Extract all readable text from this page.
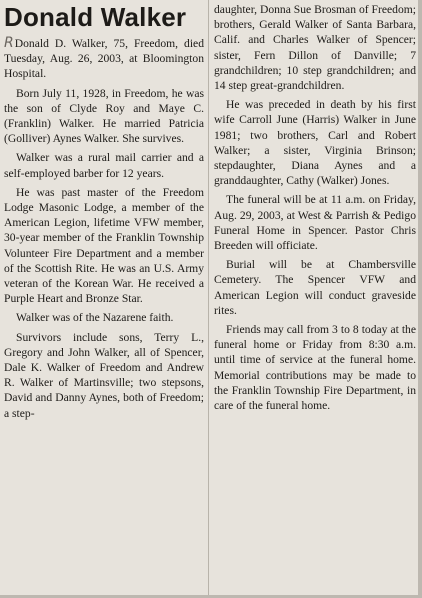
Donald Walker

RDonald D. Walker, 75, Freedom, died Tuesday, Aug. 26, 2003, at Bloomington Hospital.

Born July 11, 1928, in Freedom, he was the son of Clyde Roy and Maye C. (Franklin) Walker. He married Patricia (Golliver) Aynes Walker. She survives.

Walker was a rural mail carrier and a self-employed barber for 12 years.

He was past master of the Freedom Lodge Masonic Lodge, a member of the American Legion, lifetime VFW member, 30-year member of the Franklin Township Volunteer Fire Department and a member of the Scottish Rite. He was an U.S. Army veteran of the Korean War. He received a Purple Heart and Bronze Star.

Walker was of the Nazarene faith.

Survivors include sons, Terry L., Gregory and John Walker, all of Spencer, Dale K. Walker of Freedom and Andrew R. Walker of Martinsville; two stepsons, David and Danny Aynes, both of Freedom; a step-

daughter, Donna Sue Brosman of Freedom; brothers, Gerald Walker of Santa Barbara, Calif. and Charles Walker of Spencer; sister, Fern Dillon of Danville; 7 grandchildren; 10 step grandchildren; and 14 step great-grandchildren.

He was preceded in death by his first wife Carroll June (Harris) Walker in June 1981; two brothers, Carl and Robert Walker; a sister, Virginia Brinson; stepdaughter, Diana Aynes and a granddaughter, Cathy (Walker) Jones.

The funeral will be at 11 a.m. on Friday, Aug. 29, 2003, at West & Parrish & Pedigo Funeral Home in Spencer. Pastor Chris Breeden will officiate.

Burial will be at Chambersville Cemetery. The Spencer VFW and American Legion will conduct graveside rites.

Friends may call from 3 to 8 today at the funeral home or Friday from 8:30 a.m. until time of service at the funeral home. Memorial contributions may be made to the Franklin Township Fire Department, in care of the funeral home.
